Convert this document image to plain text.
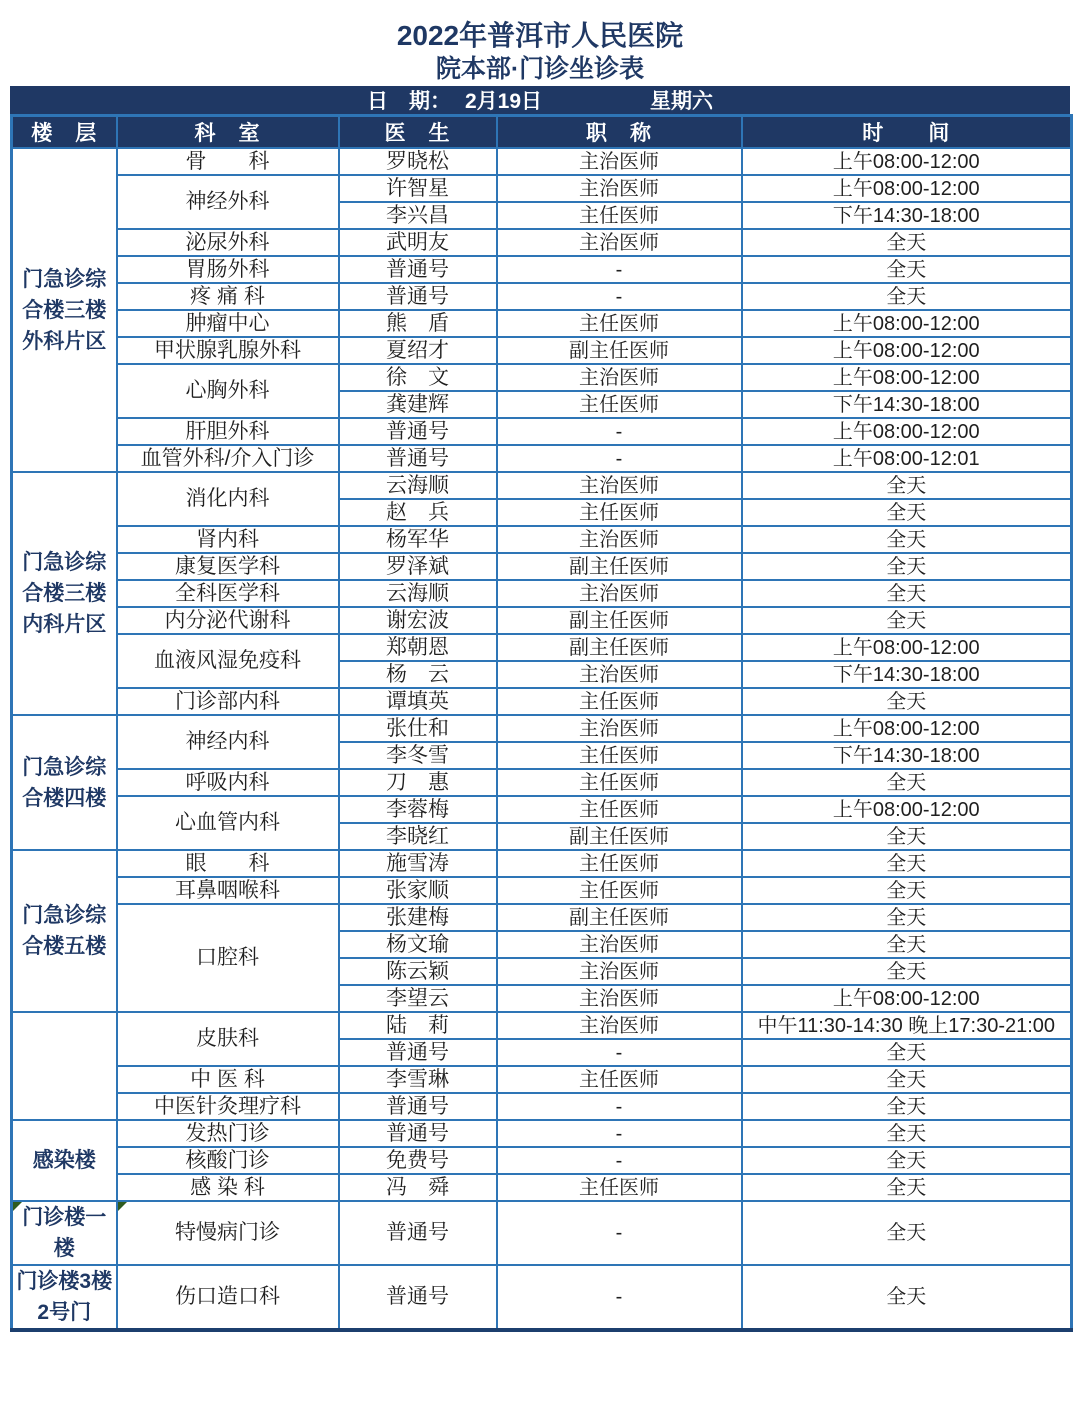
2022年普洱市人民医院
院本部·门诊坐诊表
日　期： 2月19日	星期六
楼　层	科　室	医　生	职　称	时　　间

门急诊综
合楼三楼
外科片区	骨　　科	罗晓松	主治医师	上午08:00-12:00
	神经外科	许智星	主治医师	上午08:00-12:00
		李兴昌	主任医师	下午14:30-18:00
	泌尿外科	武明友	主治医师	全天
	胃肠外科	普通号	-	全天
	疼 痛 科	普通号	-	全天
	肿瘤中心	熊　盾	主任医师	上午08:00-12:00
	甲状腺乳腺外科	夏绍才	副主任医师	上午08:00-12:00
	心胸外科	徐　文	主治医师	上午08:00-12:00
		龚建辉	主任医师	下午14:30-18:00
	肝胆外科	普通号	-	上午08:00-12:00
	血管外科/介入门诊	普通号	-	上午08:00-12:01

门急诊综
合楼三楼
内科片区	消化内科	云海顺	主治医师	全天
		赵　兵	主任医师	全天
	肾内科	杨军华	主治医师	全天
	康复医学科	罗泽斌	副主任医师	全天
	全科医学科	云海顺	主治医师	全天
	内分泌代谢科	谢宏波	副主任医师	全天
	血液风湿免疫科	郑朝恩	副主任医师	上午08:00-12:00
		杨　云	主治医师	下午14:30-18:00
	门诊部内科	谭填英	主任医师	全天

门急诊综
合楼四楼	神经内科	张仕和	主治医师	上午08:00-12:00
		李冬雪	主任医师	下午14:30-18:00
	呼吸内科	刀　惠	主任医师	全天
	心血管内科	李蓉梅	主任医师	上午08:00-12:00
		李晓红	副主任医师	全天

门急诊综
合楼五楼	眼　　科	施雪涛	主任医师	全天
	耳鼻咽喉科	张家顺	主任医师	全天
	口腔科	张建梅	副主任医师	全天
		杨文瑜	主治医师	全天
		陈云颖	主治医师	全天
		李望云	主治医师	上午08:00-12:00
	皮肤科	陆　莉	主治医师	中午11:30-14:30 晚上17:30-21:00
		普通号	-	全天
	中 医 科	李雪琳	主任医师	全天
	中医针灸理疗科	普通号	-	全天

感染楼	发热门诊	普通号	-	全天
	核酸门诊	免费号	-	全天
	感 染 科	冯　舜	主任医师	全天

门诊楼一
楼	特慢病门诊	普通号	-	全天

门诊楼3楼
2号门	伤口造口科	普通号	-	全天
